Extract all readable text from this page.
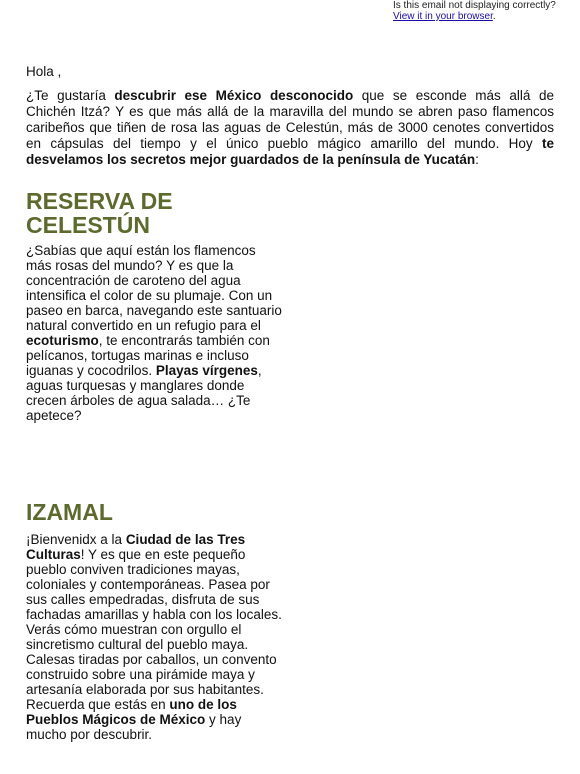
Is this email not displaying correctly?
View it in your browser.

Hola ,

¿Te gustaría descubrir ese México desconocido que se esconde más allá de Chichén Itzá? Y es que más allá de la maravilla del mundo se abren paso flamencos caribeños que tiñen de rosa las aguas de Celestún, más de 3000 cenotes convertidos en cápsulas del tiempo y el único pueblo mágico amarillo del mundo. Hoy te desvelamos los secretos mejor guardados de la península de Yucatán:

RESERVA DE CELESTÚN

¿Sabías que aquí están los flamencos más rosas del mundo? Y es que la concentración de caroteno del agua intensifica el color de su plumaje. Con un paseo en barca, navegando este santuario natural convertido en un refugio para el ecoturismo, te encontrarás también con pelícanos, tortugas marinas e incluso iguanas y cocodrilos. Playas vírgenes, aguas turquesas y manglares donde crecen árboles de agua salada… ¿Te apetece?

IZAMAL

¡Bienvenidx a la Ciudad de las Tres Culturas! Y es que en este pequeño pueblo conviven tradiciones mayas, coloniales y contemporáneas. Pasea por sus calles empedradas, disfruta de sus fachadas amarillas y habla con los locales. Verás cómo muestran con orgullo el sincretismo cultural del pueblo maya. Calesas tiradas por caballos, un convento construido sobre una pirámide maya y artesanía elaborada por sus habitantes. Recuerda que estás en uno de los Pueblos Mágicos de México y hay mucho por descubrir.
